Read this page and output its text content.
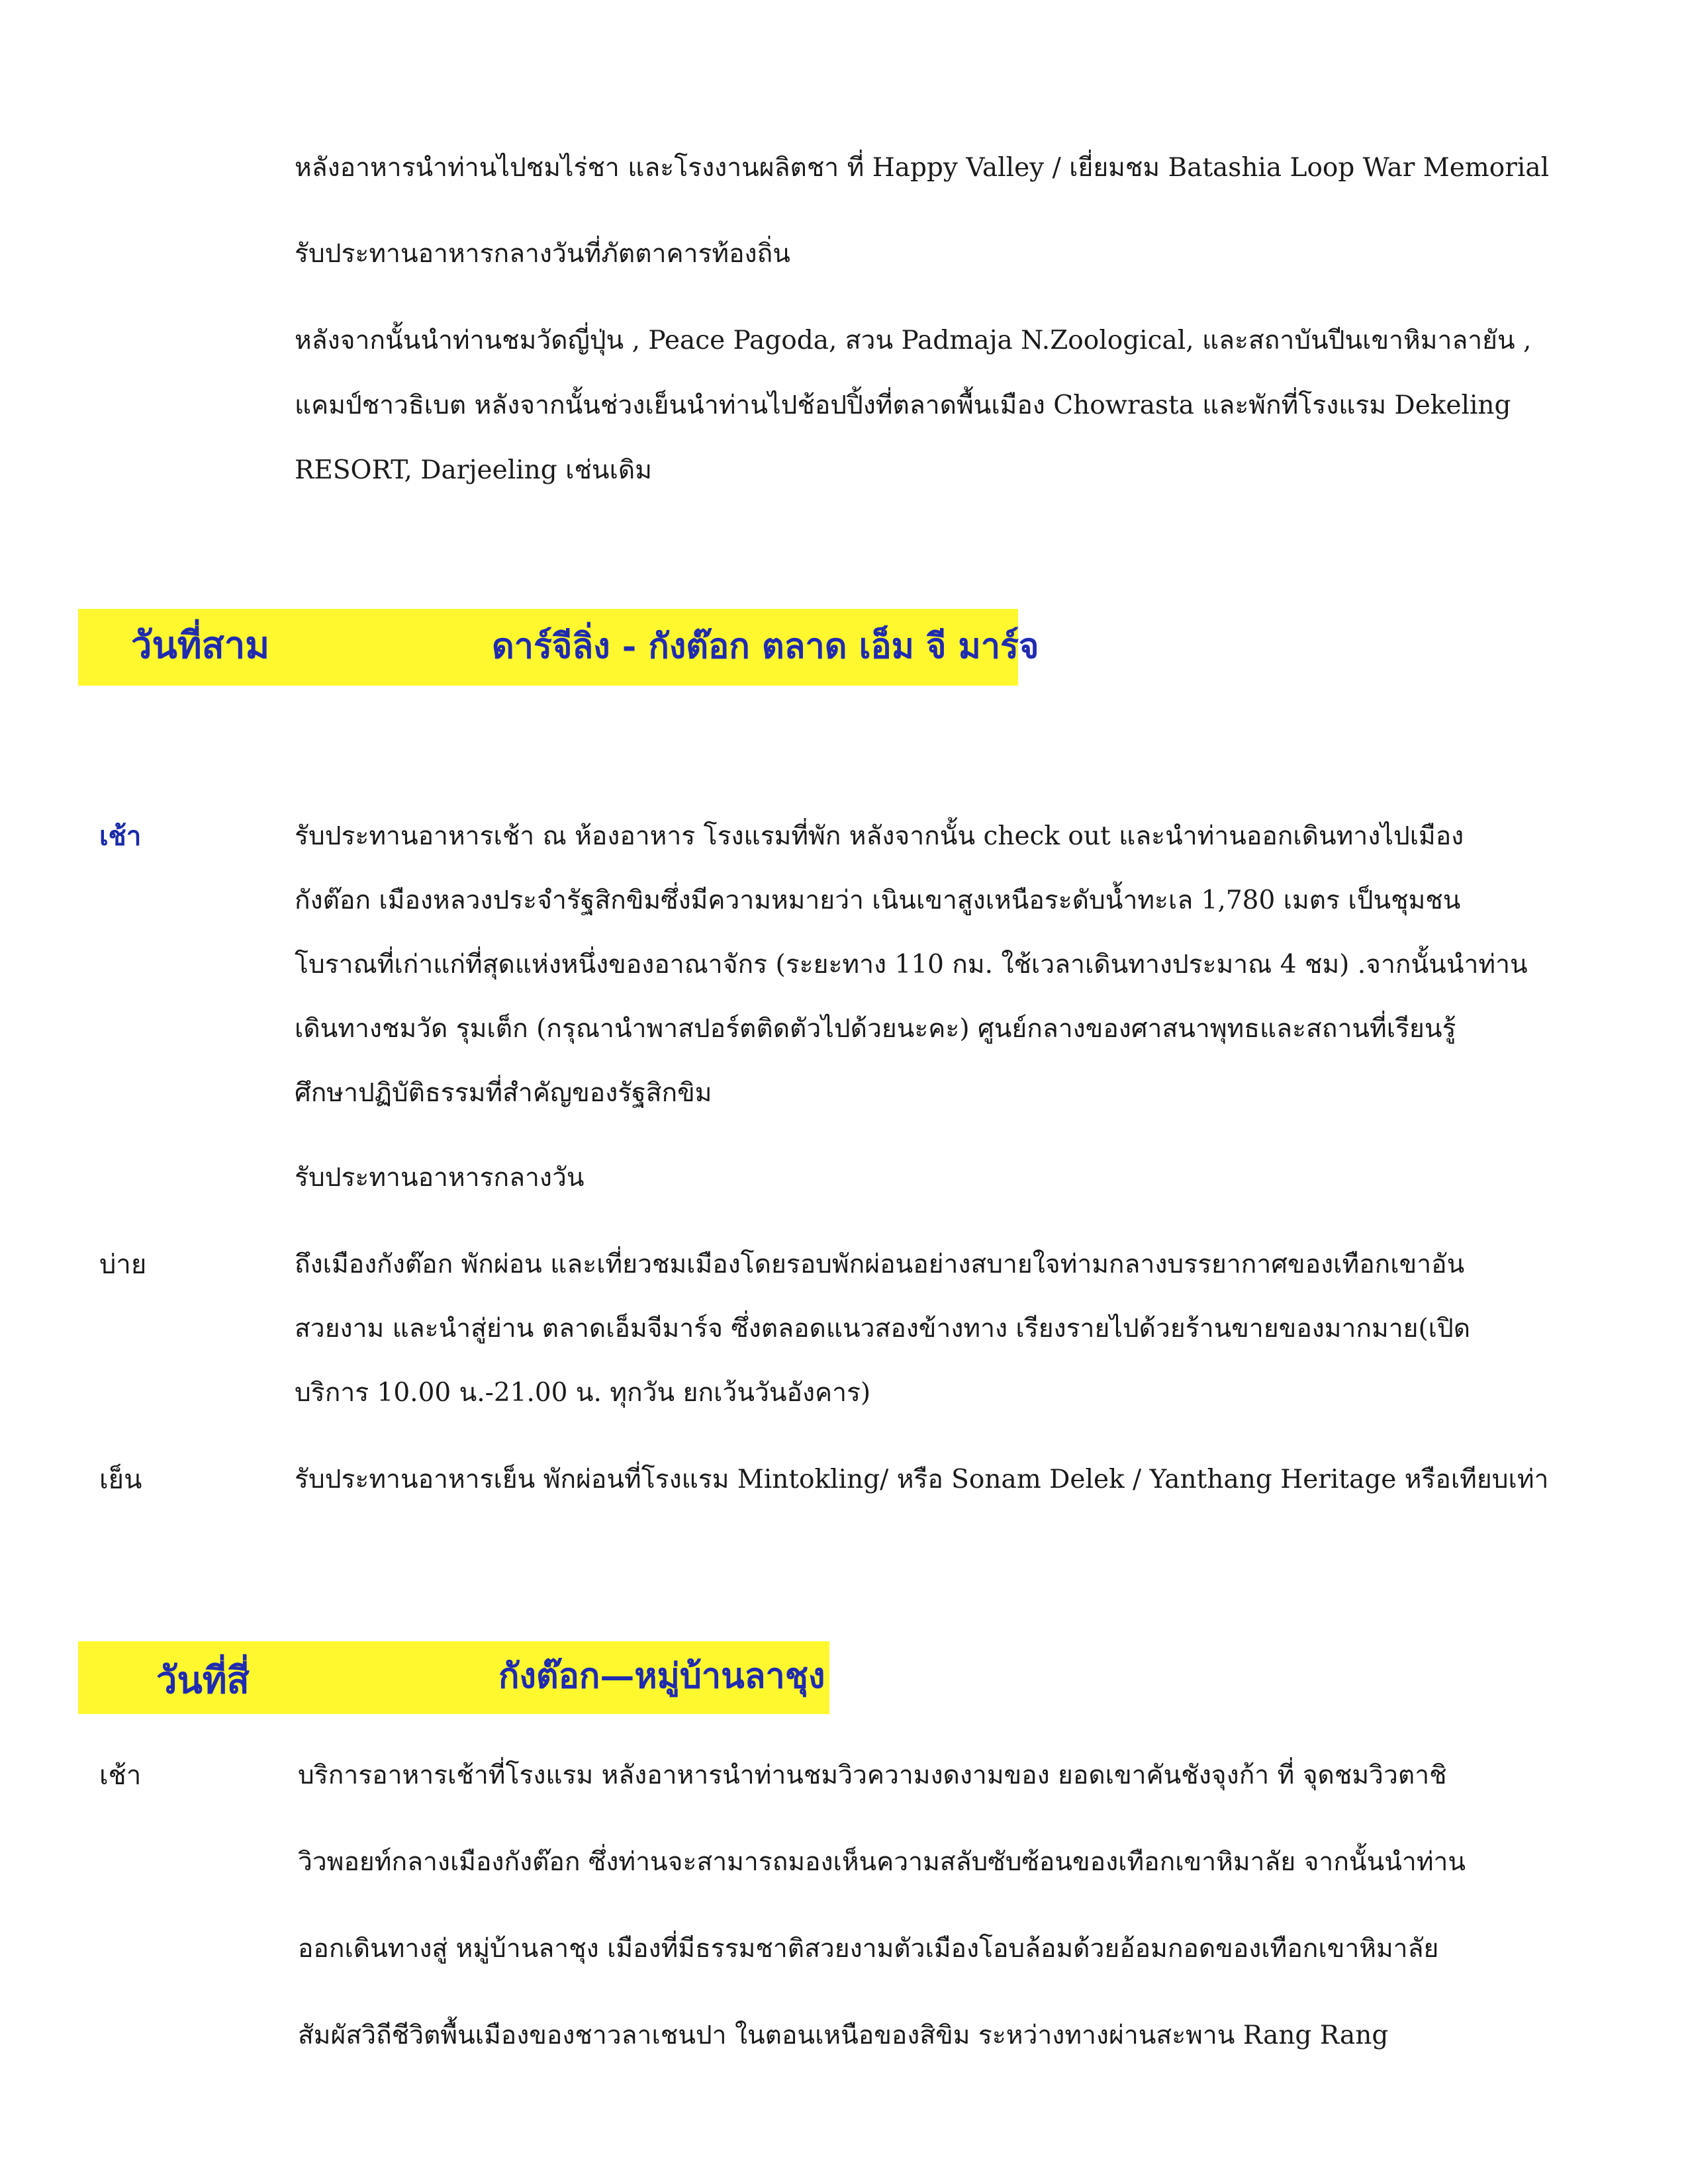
หลังอาหารนำท่านไปชมไร่ชา และโรงงานผลิตชา ที่ Happy Valley / เยี่ยมชม Batashia Loop War Memorial
รับประทานอาหารกลางวันที่ภัตตาคารท้องถิ่น
หลังจากนั้นนำท่านชมวัดญี่ปุ่น , Peace Pagoda, สวน Padmaja N.Zoological, และสถาบันปีนเขาหิมาลายัน ,
แคมป์ชาวธิเบต หลังจากนั้นช่วงเย็นนำท่านไปช้อปปิ้งที่ตลาดพื้นเมือง Chowrasta และพักที่โรงแรม Dekeling
RESORT, Darjeeling เช่นเดิม
วันที่สาม	ดาร์จีลิ่ง - กังต๊อก ตลาด เอ็ม จี มาร์จ
เช้า	รับประทานอาหารเช้า ณ ห้องอาหาร โรงแรมที่พัก หลังจากนั้น check out และนำท่านออกเดินทางไปเมือง
กังต๊อก เมืองหลวงประจำรัฐสิกขิมซึ่งมีความหมายว่า เนินเขาสูงเหนือระดับน้ำทะเล 1,780 เมตร เป็นชุมชน
โบราณที่เก่าแก่ที่สุดแห่งหนึ่งของอาณาจักร (ระยะทาง 110 กม. ใช้เวลาเดินทางประมาณ 4 ชม) .จากนั้นนำท่าน
เดินทางชมวัด รุมเต็ก (กรุณานำพาสปอร์ตติดตัวไปด้วยนะคะ) ศูนย์กลางของศาสนาพุทธและสถานที่เรียนรู้
ศึกษาปฏิบัติธรรมที่สำคัญของรัฐสิกขิม
รับประทานอาหารกลางวัน
บ่าย	ถึงเมืองกังต๊อก พักผ่อน และเที่ยวชมเมืองโดยรอบพักผ่อนอย่างสบายใจท่ามกลางบรรยากาศของเทือกเขาอัน
สวยงาม และนำสู่ย่าน ตลาดเอ็มจีมาร์จ ซึ่งตลอดแนวสองข้างทาง เรียงรายไปด้วยร้านขายของมากมาย(เปิด
บริการ 10.00 น.-21.00 น. ทุกวัน ยกเว้นวันอังคาร)
เย็น	รับประทานอาหารเย็น พักผ่อนที่โรงแรม Mintokling/ หรือ Sonam Delek / Yanthang Heritage หรือเทียบเท่า
วันที่สี่	กังต๊อก—หมู่บ้านลาชุง
เช้า	บริการอาหารเช้าที่โรงแรม หลังอาหารนำท่านชมวิวความงดงามของ ยอดเขาคันชังจุงก้า ที่ จุดชมวิวตาชิ
วิวพอยท์กลางเมืองกังต๊อก ซึ่งท่านจะสามารถมองเห็นความสลับซับซ้อนของเทือกเขาหิมาลัย จากนั้นนำท่าน
ออกเดินทางสู่ หมู่บ้านลาชุง เมืองที่มีธรรมชาติสวยงามตัวเมืองโอบล้อมด้วยอ้อมกอดของเทือกเขาหิมาลัย
สัมผัสวิถีชีวิตพื้นเมืองของชาวลาเชนปา ในตอนเหนือของสิขิม ระหว่างทางผ่านสะพาน Rang Rang
